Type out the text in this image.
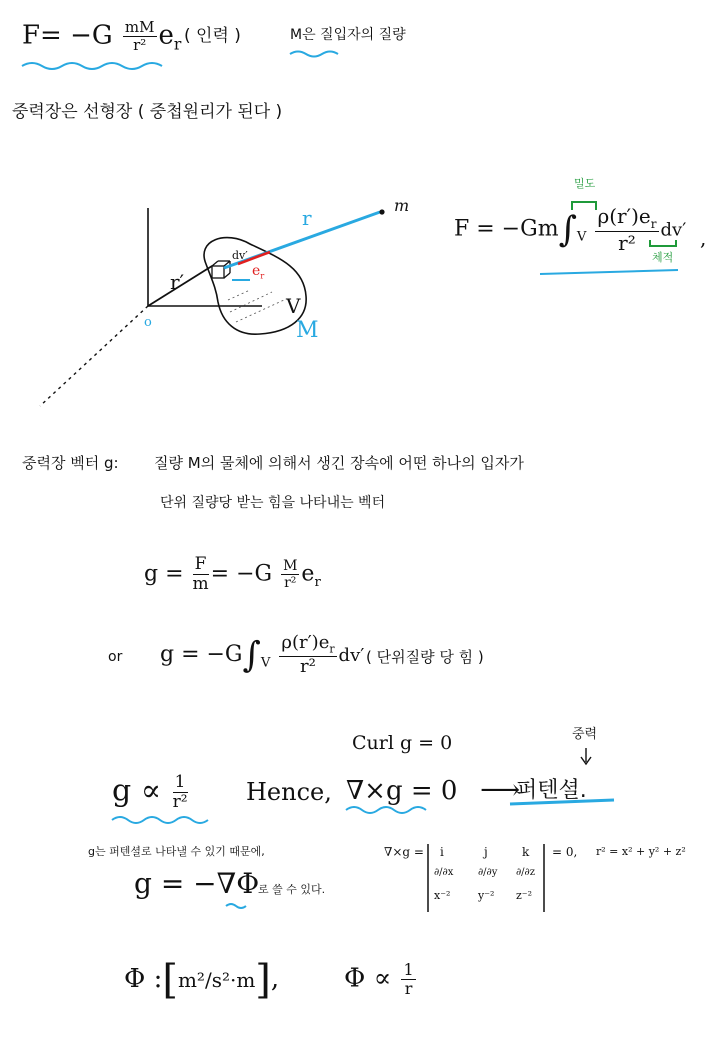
$F= -G \frac{mM}{\text{r²}} e_r$ ( 인력 )	M은 질입자의 질량
중력장은 선형장 ( 중첩원리가 된다 )
m
r
r′
dv′
$e_r$
V
M
o
밀도
$F = -Gm\int_V \frac{\rho(r')e_r}{\text{r²}} dv'$
체적
,
중력장 벡터 g: 질량 M의 물체에 의해서 생긴 장속에 어떤 하나의 입자가
단위 질량당 받는 힘을 나타내는 벡터
$g = \frac{F}{m} = -G \frac{M}{\text{r²}} e_r$
or $g = -G\int_V \frac{\rho(r')e_r}{\text{r²}} dv'$ ( 단위질량 당 힘 )
Curl g = 0	중력
$g \propto \frac{1}{\text{r²}}$ Hence, ∇×g = 0 ⟶
퍼텐셜.
g는 퍼텐셜로 나타낼 수 있기 때문에,
g = −∇Φ
로 쓸 수 있다.
∇×g = i	j	k
∂/∂x ∂/∂y ∂/∂z
x⁻²	y⁻² z⁻²
= 0, r² = x² + y² + z²
Φ :[m²/s²·m], $\Phi \propto \frac{1}{r}$
